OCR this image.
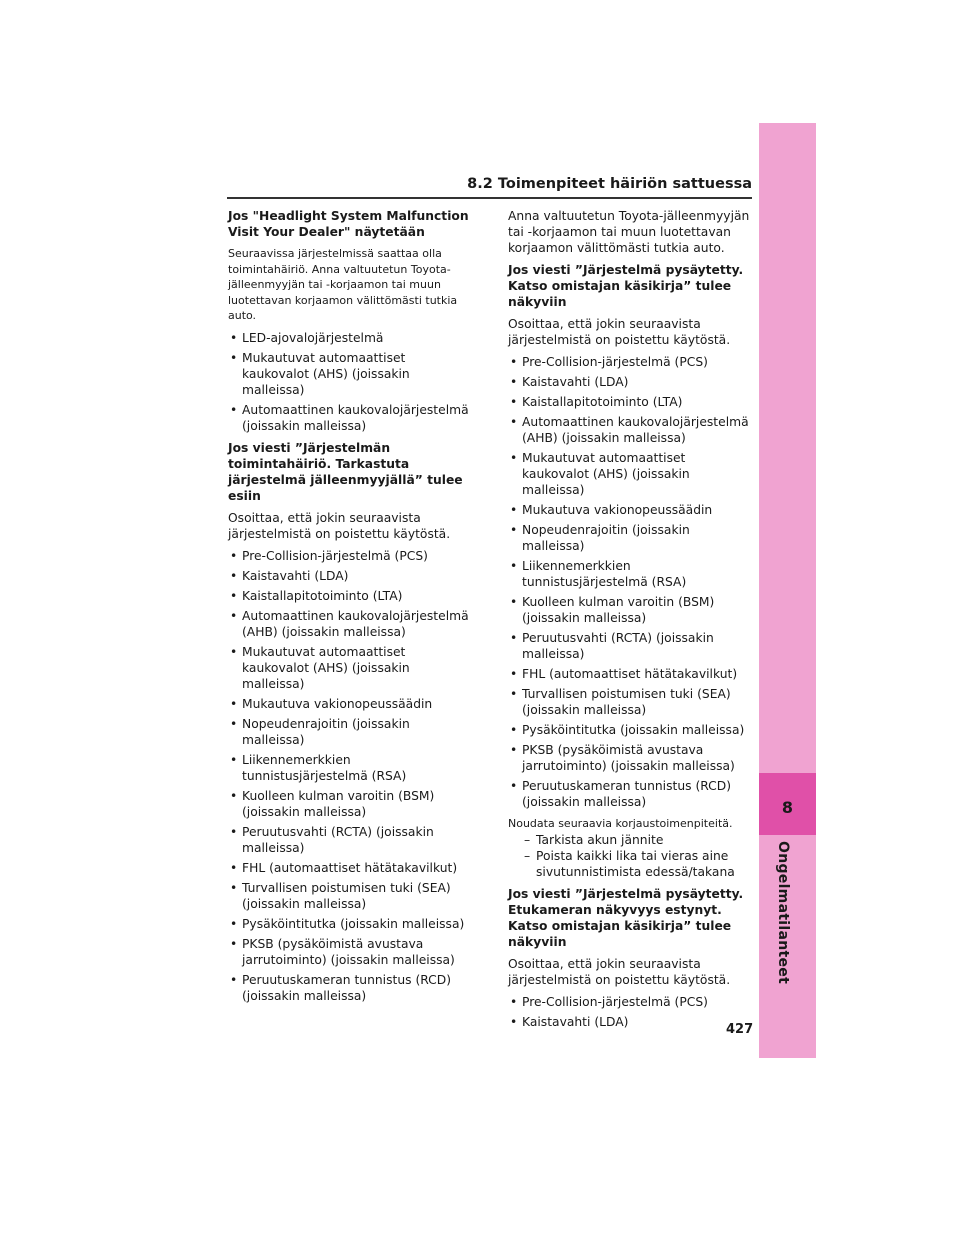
8
Ongelmatilanteet
8.2 Toimenpiteet häiriön sattuessa
Jos "Headlight System Malfunction Visit Your Dealer" näytetään

Seuraavissa järjestelmissä saattaa olla toimintahäiriö. Anna valtuutetun Toyota- jälleenmyyjän tai -korjaamon tai muun luotettavan korjaamon välittömästi tutkia auto.

• LED-ajovalojärjestelmä
• Mukautuvat automaattiset kaukovalot (AHS) (joissakin malleissa)
• Automaattinen kaukovalojärjestelmä (joissakin malleissa)
Jos viesti ”Järjestelmän toimintahäiriö. Tarkastuta järjestelmä jälleenmyyjällä” tulee esiin

Osoittaa, että jokin seuraavista järjestelmistä on poistettu käytöstä.

• Pre-Collision-järjestelmä (PCS)
• Kaistavahti (LDA)
• Kaistallapitotoiminto (LTA)
• Automaattinen kaukovalojärjestelmä (AHB) (joissakin malleissa)
• Mukautuvat automaattiset kaukovalot (AHS) (joissakin malleissa)
• Mukautuva vakionopeussäädin
• Nopeudenrajoitin (joissakin malleissa)
• Liikennemerkkien tunnistusjärjestelmä (RSA)
• Kuolleen kulman varoitin (BSM) (joissakin malleissa)
• Peruutusvahti (RCTA) (joissakin malleissa)
• FHL (automaattiset hätätakavilkut)
• Turvallisen poistumisen tuki (SEA) (joissakin malleissa)
• Pysäköintitutka (joissakin malleissa)
• PKSB (pysäköimistä avustava jarrutoiminto) (joissakin malleissa)
• Peruutuskameran tunnistus (RCD) (joissakin malleissa)

Anna valtuutetun Toyota-jälleenmyyjän tai -korjaamon tai muun luotettavan korjaamon välittömästi tutkia auto.

Jos viesti ”Järjestelmä pysäytetty. Katso omistajan käsikirja” tulee näkyviin

Osoittaa, että jokin seuraavista järjestelmistä on poistettu käytöstä.

• Pre-Collision-järjestelmä (PCS)
• Kaistavahti (LDA)
• Kaistallapitotoiminto (LTA)
• Automaattinen kaukovalojärjestelmä (AHB) (joissakin malleissa)
• Mukautuvat automaattiset kaukovalot (AHS) (joissakin malleissa)
• Mukautuva vakionopeussäädin
• Nopeudenrajoitin (joissakin malleissa)
• Liikennemerkkien tunnistusjärjestelmä (RSA)
• Kuolleen kulman varoitin (BSM) (joissakin malleissa)
• Peruutusvahti (RCTA) (joissakin malleissa)
• FHL (automaattiset hätätakavilkut)
• Turvallisen poistumisen tuki (SEA) (joissakin malleissa)
• Pysäköintitutka (joissakin malleissa)
• PKSB (pysäköimistä avustava jarrutoiminto) (joissakin malleissa)
• Peruutuskameran tunnistus (RCD) (joissakin malleissa)

Noudata seuraavia korjaustoimenpiteitä.

– Tarkista akun jännite
– Poista kaikki lika tai vieras aine sivutunnistimista edessä/takana
Jos viesti ”Järjestelmä pysäytetty. Etukameran näkyvyys estynyt. Katso omistajan käsikirja” tulee näkyviin

Osoittaa, että jokin seuraavista järjestelmistä on poistettu käytöstä.

• Pre-Collision-järjestelmä (PCS)
• Kaistavahti (LDA)
427
